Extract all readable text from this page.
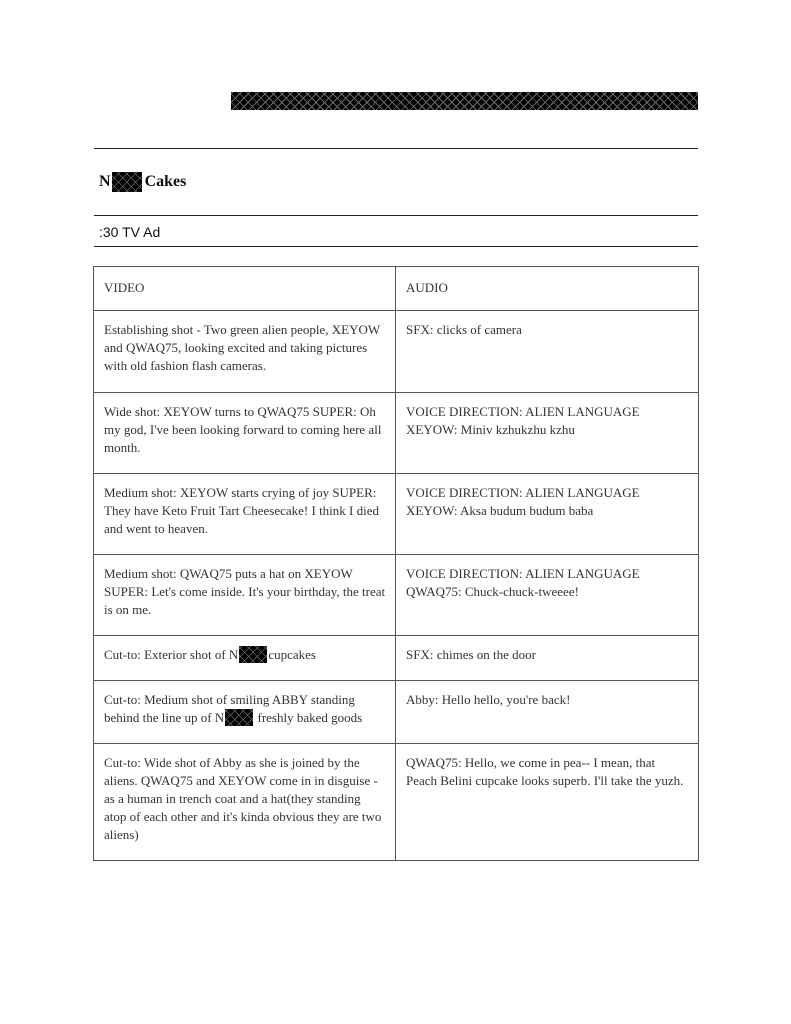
N Cakes
:30 TV Ad
VIDEO	AUDIO
Establishing shot - Two green alien people, XEYOW and QWAQ75, looking excited and taking pictures with old fashion flash cameras.	SFX: clicks of camera
Wide shot: XEYOW turns to QWAQ75 SUPER: Oh my god, I've been looking forward to coming here all month.	VOICE DIRECTION: ALIEN LANGUAGE
XEYOW: Miniv kzhukzhu kzhu

Medium shot: XEYOW starts crying of joy SUPER: They have Keto Fruit Tart Cheesecake! I think I died and went to heaven.	VOICE DIRECTION: ALIEN LANGUAGE
XEYOW: Aksa budum budum baba

Medium shot: QWAQ75 puts a hat on XEYOW SUPER: Let's come inside. It's your birthday, the treat is on me.	VOICE DIRECTION: ALIEN LANGUAGE
QWAQ75: Chuck-chuck-tweeee!

Cut-to: Exterior shot of N cupcakes	SFX: chimes on the door
Cut-to: Medium shot of smiling ABBY standing behind the line up of N freshly baked goods	Abby: Hello hello, you're back!
Cut-to: Wide shot of Abby as she is joined by the aliens. QWAQ75 and XEYOW come in in disguise - as a human in trench coat and a hat(they standing atop of each other and it's kinda obvious they are two aliens)	QWAQ75: Hello, we come in pea-- I mean, that Peach Belini cupcake looks superb. I'll take the yuzh.
